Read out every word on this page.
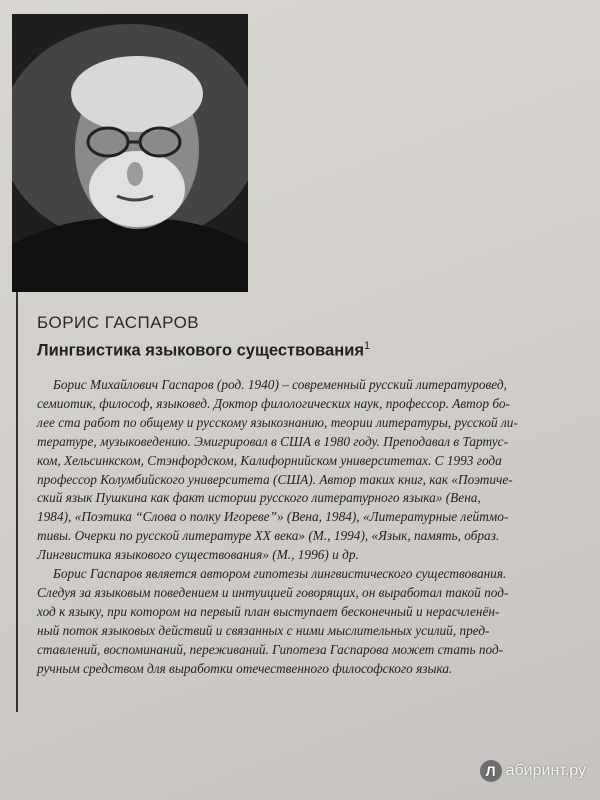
БОРИС ГАСПАРОВ
Лингвистика языкового существования$^1$
Борис Михайлович Гаспаров (род. 1940) – современный русский литературовед,
семиотик, философ, языковед. Доктор филологических наук, профессор. Автор бо-
лее ста работ по общему и русскому языкознанию, теории литературы, русской ли-
тературе, музыковедению. Эмигрировал в США в 1980 году. Преподавал в Тартус-
ком, Хельсинкском, Стэнфордском, Калифорнийском университетах. С 1993 года
профессор Колумбийского университета (США). Автор таких книг, как «Поэтиче-
ский язык Пушкина как факт истории русского литературного языка» (Вена,
1984), «Поэтика “Слова о полку Игореве”» (Вена, 1984), «Литературные лейтмо-
тивы. Очерки по русской литературе XX века» (М., 1994), «Язык, память, образ.
Лингвистика языкового существования» (М., 1996) и др.
Борис Гаспаров является автором гипотезы лингвистического существования.
Следуя за языковым поведением и интуицией говорящих, он выработал такой под-
ход к языку, при котором на первый план выступает бесконечный и нерасчленён-
ный поток языковых действий и связанных с ними мыслительных усилий, пред-
ставлений, воспоминаний, переживаний. Гипотеза Гаспарова может стать под-
ручным средством для выработки отечественного философского языка.
Л абиринт.ру
